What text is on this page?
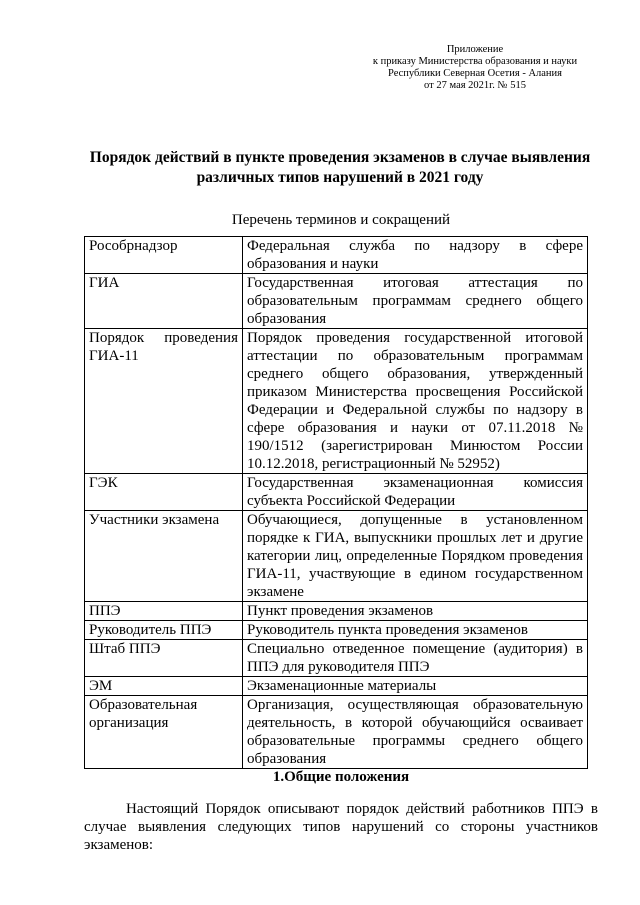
Приложение
к приказу Министерства образования и науки
Республики Северная Осетия - Алания
от 27 мая 2021г. № 515
Порядок действий в пункте проведения экзаменов в случае выявления
различных типов нарушений в 2021 году
Перечень терминов и сокращений
Рособрнадзор	Федеральная служба по надзору в сфере образования и науки
ГИА	Государственная итоговая аттестация по образовательным программам среднего общего образования
Порядок проведения ГИА-11	Порядок проведения государственной итоговой аттестации по образовательным программам среднего общего образования, утвержденный приказом Министерства просвещения Российской Федерации и Федеральной службы по надзору в сфере образования и науки от 07.11.2018 № 190/1512 (зарегистрирован Минюстом России 10.12.2018, регистрационный № 52952)
ГЭК	Государственная экзаменационная комиссия субъекта Российской Федерации
Участники экзамена	Обучающиеся, допущенные в установленном порядке к ГИА, выпускники прошлых лет и другие категории лиц, определенные Порядком проведения ГИА-11, участвующие в едином государственном экзамене
ППЭ	Пункт проведения экзаменов
Руководитель ППЭ	Руководитель пункта проведения экзаменов
Штаб ППЭ	Специально отведенное помещение (аудитория) в ППЭ для руководителя ППЭ
ЭМ	Экзаменационные материалы
Образовательная организация	Организация, осуществляющая образовательную деятельность, в которой обучающийся осваивает образовательные программы среднего общего образования
1.Общие положения
Настоящий Порядок описывают порядок действий работников ППЭ в случае выявления следующих типов нарушений со стороны участников экзаменов:
